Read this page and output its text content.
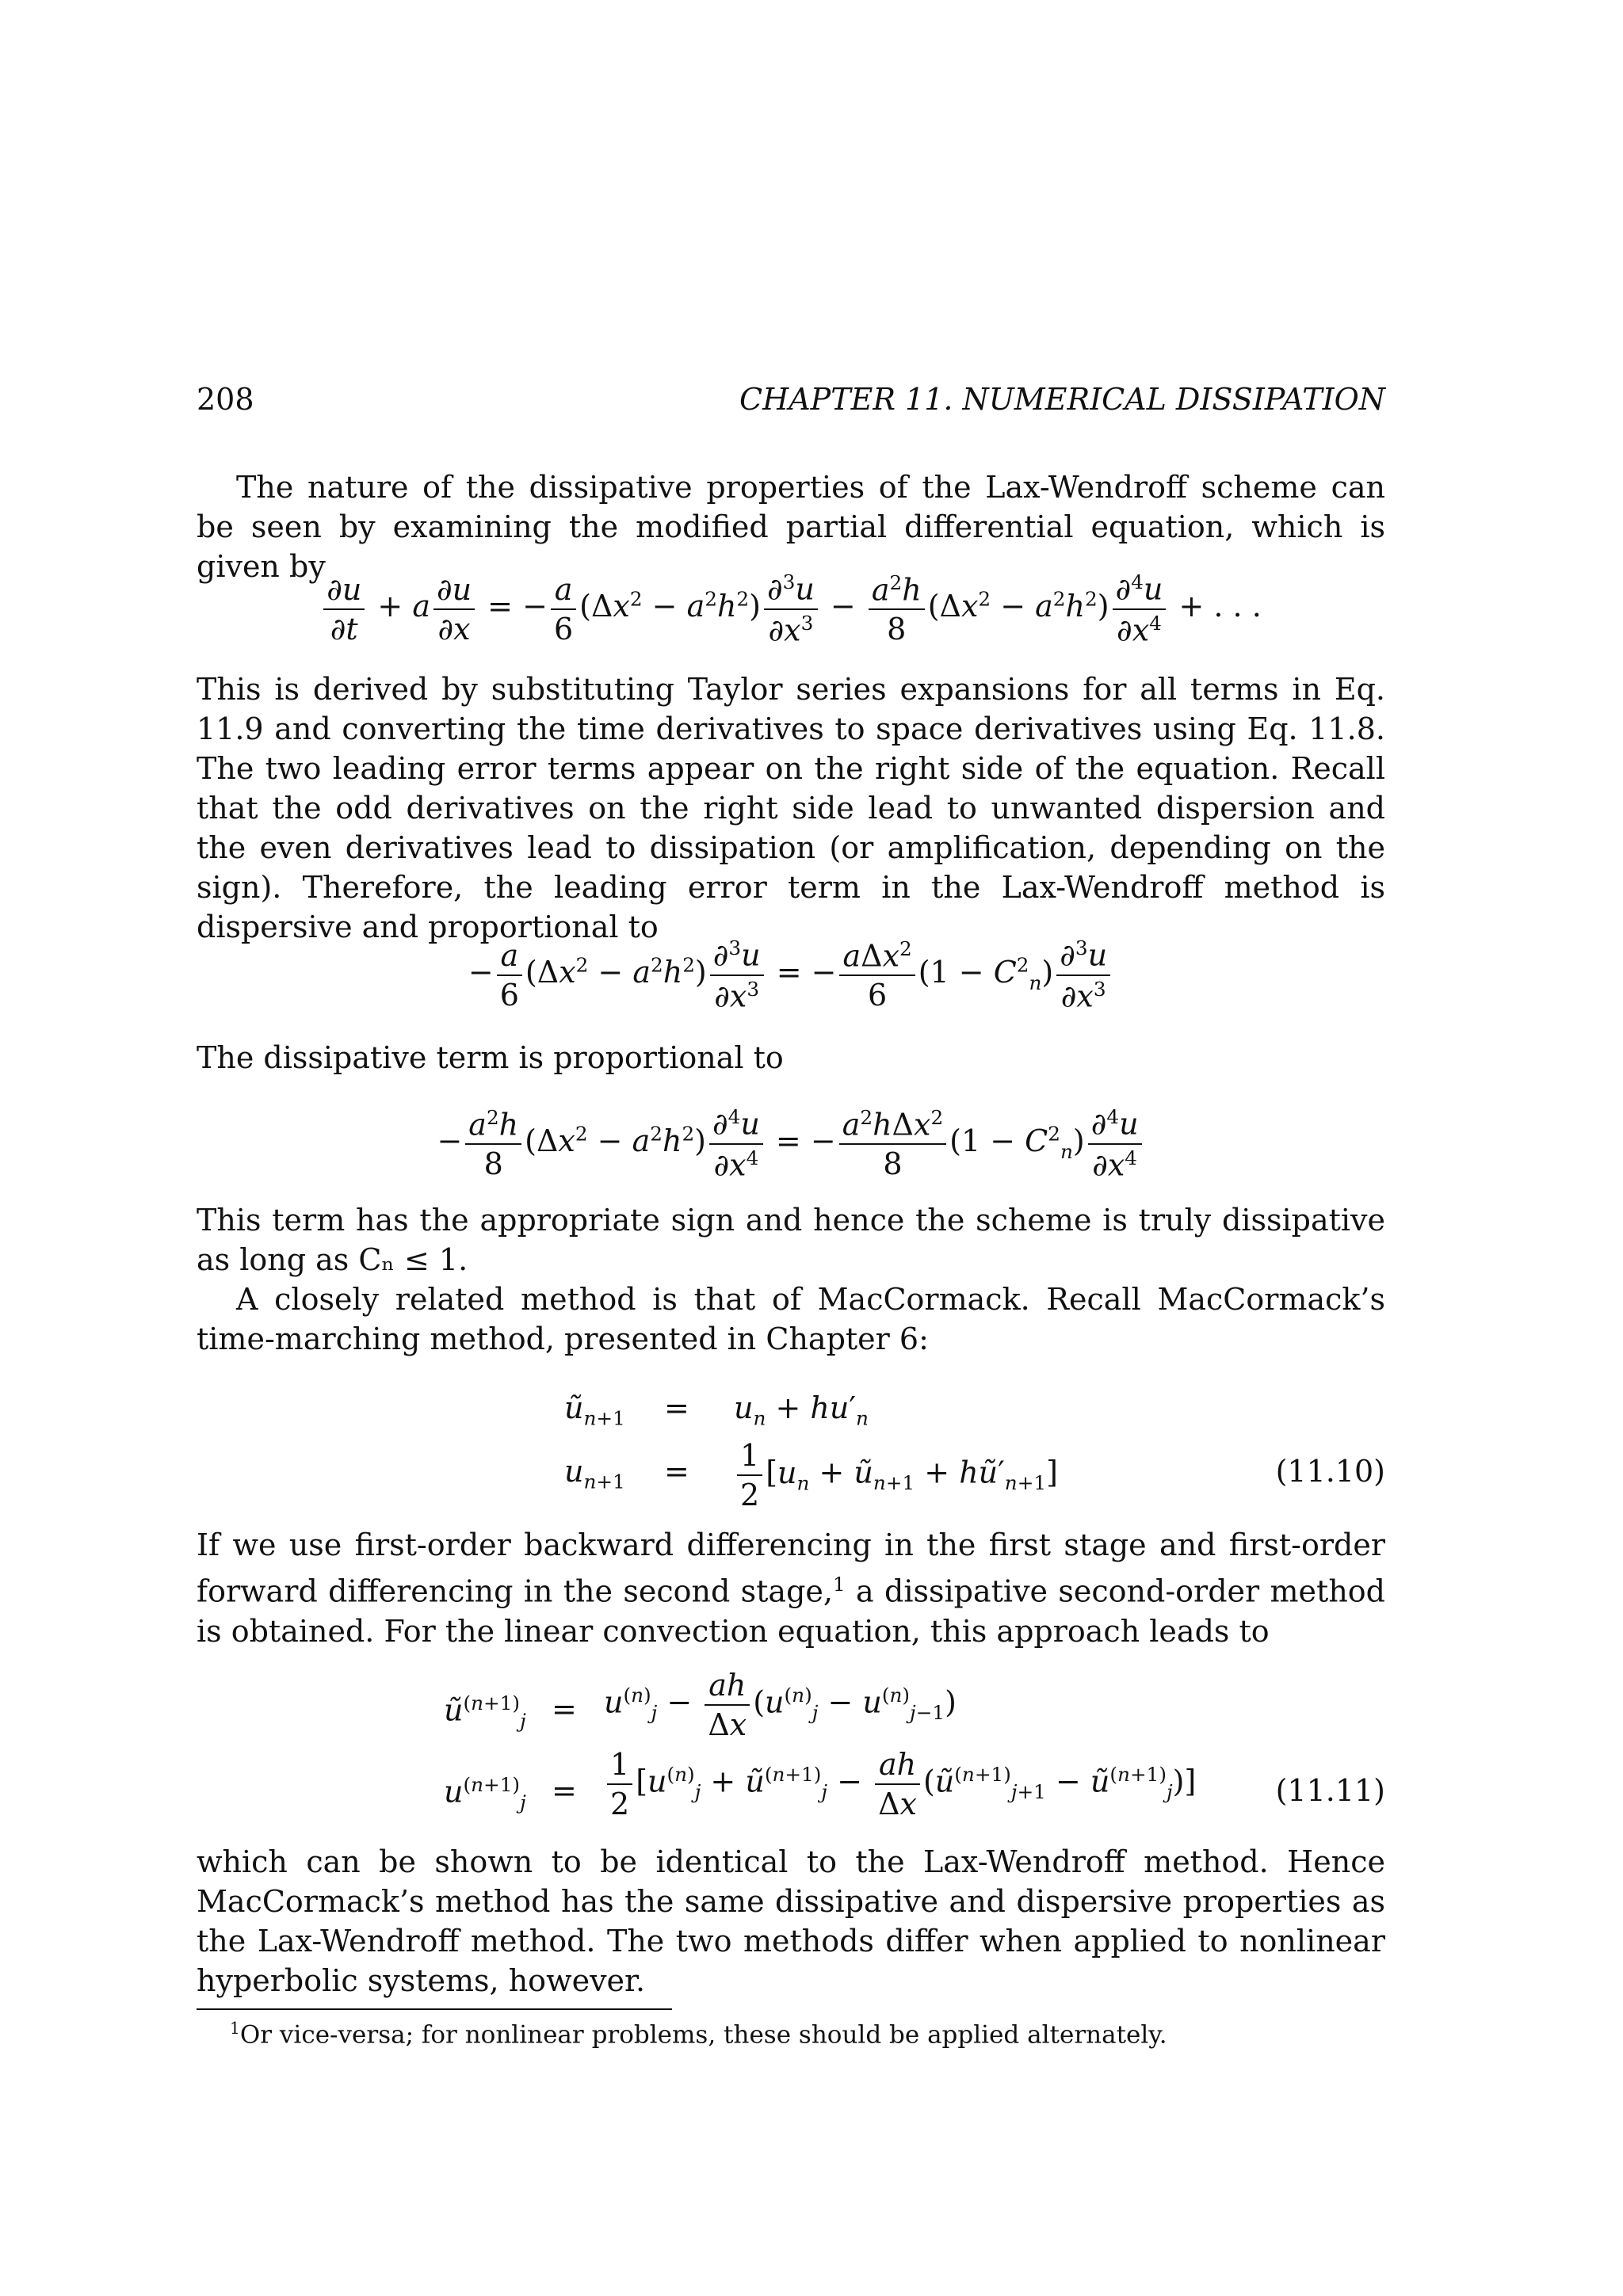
208	CHAPTER 11. NUMERICAL DISSIPATION

The nature of the dissipative properties of the Lax-Wendroff scheme can be seen by examining the modified partial differential equation, which is given by

$\frac{\partial u}{\partial t} + a \frac{\partial u}{\partial x}$ = − $\frac{a}{6} (\Delta x^2 - a^2h^2) \frac{\partial^3u}{\partial x^3} - \frac{a^2h}{8} (\Delta x^2 - a^2h^2) \frac{\partial^4u}{\partial x^4}$ + . . .

This is derived by substituting Taylor series expansions for all terms in Eq. 11.9 and converting the time derivatives to space derivatives using Eq. 11.8. The two leading error terms appear on the right side of the equation. Recall that the odd derivatives on the right side lead to unwanted dispersion and the even derivatives lead to dissipation (or amplification, depending on the sign). Therefore, the leading error term in the Lax-Wendroff method is dispersive and proportional to

− $\frac{a}{6} (\Delta x^2 - a^2h^2) \frac{\partial^3u}{\partial x^3}$ = − $\frac{a\Delta x^2}{6} (1 - C^2_n) \frac{\partial^3u}{\partial x^3}$

The dissipative term is proportional to

− $\frac{a^2h}{8} (\Delta x^2 - a^2h^2) \frac{\partial^4u}{\partial x^4}$ = − $\frac{a^2h\Delta x^2}{8} (1 - C^2_n) \frac{\partial^4u}{\partial x^4}$

This term has the appropriate sign and hence the scheme is truly dissipative as long as Cₙ ≤ 1.

A closely related method is that of MacCormack. Recall MacCormack’s time-marching method, presented in Chapter 6:

$ũ_{n+1} = u_n + hu'_n$
$u_{n+1} = \frac{1}{2} [u_n$ + $ũ_{n+1}$ + $hũ'_{n+1}$]	(11.10)

If we use first-order backward differencing in the first stage and first-order forward differencing in the second stage,$^1$ a dissipative second-order method is obtained. For the linear convection equation, this approach leads to

$ũ^{(n+1)}_j = u^{(n)}_j - \frac{ah}{\Delta x} (u^{(n)}_j - u^{(n)}_{j-1})$
$u^{(n+1)}_j = \frac{1}{2} [u^{(n)}_j$ + $ũ^{(n+1)}_j - \frac{ah}{\Delta x}$ ($ũ^{(n+1)}_{j+1}$ − $ũ^{(n+1)}_j$)]	(11.11)

which can be shown to be identical to the Lax-Wendroff method. Hence MacCormack’s method has the same dissipative and dispersive properties as the Lax-Wendroff method. The two methods differ when applied to nonlinear hyperbolic systems, however.

$^1$Or vice-versa; for nonlinear problems, these should be applied alternately.
